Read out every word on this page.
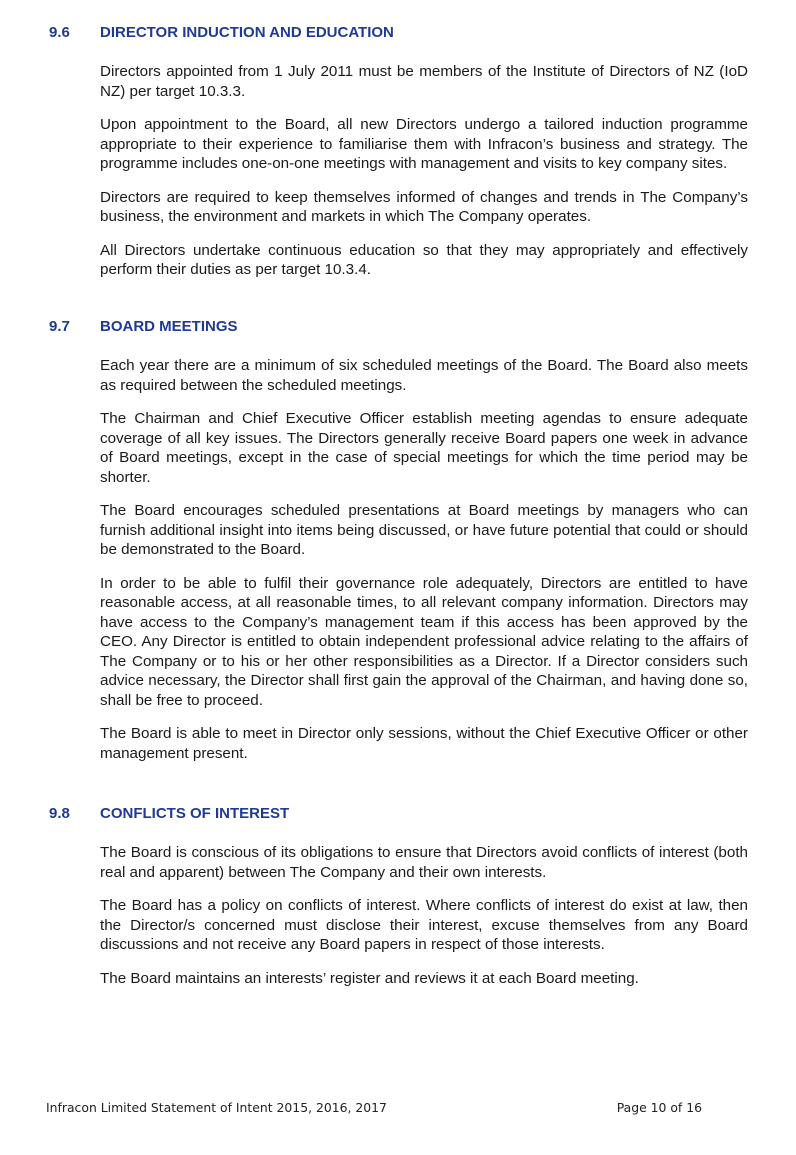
9.6 DIRECTOR INDUCTION AND EDUCATION

Directors appointed from 1 July 2011 must be members of the Institute of Directors of NZ (IoD NZ) per target 10.3.3.

Upon appointment to the Board, all new Directors undergo a tailored induction programme appropriate to their experience to familiarise them with Infracon’s business and strategy. The programme includes one-on-one meetings with management and visits to key company sites.

Directors are required to keep themselves informed of changes and trends in The Company’s business, the environment and markets in which The Company operates.

All Directors undertake continuous education so that they may appropriately and effectively perform their duties as per target 10.3.4.

9.7 BOARD MEETINGS

Each year there are a minimum of six scheduled meetings of the Board. The Board also meets as required between the scheduled meetings.

The Chairman and Chief Executive Officer establish meeting agendas to ensure adequate coverage of all key issues. The Directors generally receive Board papers one week in advance of Board meetings, except in the case of special meetings for which the time period may be shorter.

The Board encourages scheduled presentations at Board meetings by managers who can furnish additional insight into items being discussed, or have future potential that could or should be demonstrated to the Board.

In order to be able to fulfil their governance role adequately, Directors are entitled to have reasonable access, at all reasonable times, to all relevant company information. Directors may have access to the Company’s management team if this access has been approved by the CEO. Any Director is entitled to obtain independent professional advice relating to the affairs of The Company or to his or her other responsibilities as a Director. If a Director considers such advice necessary, the Director shall first gain the approval of the Chairman, and having done so, shall be free to proceed.

The Board is able to meet in Director only sessions, without the Chief Executive Officer or other management present.

9.8 CONFLICTS OF INTEREST

The Board is conscious of its obligations to ensure that Directors avoid conflicts of interest (both real and apparent) between The Company and their own interests.

The Board has a policy on conflicts of interest. Where conflicts of interest do exist at law, then the Director/s concerned must disclose their interest, excuse themselves from any Board discussions and not receive any Board papers in respect of those interests.

The Board maintains an interests’ register and reviews it at each Board meeting.

Infracon Limited Statement of Intent 2015, 2016, 2017	Page 10 of 16
